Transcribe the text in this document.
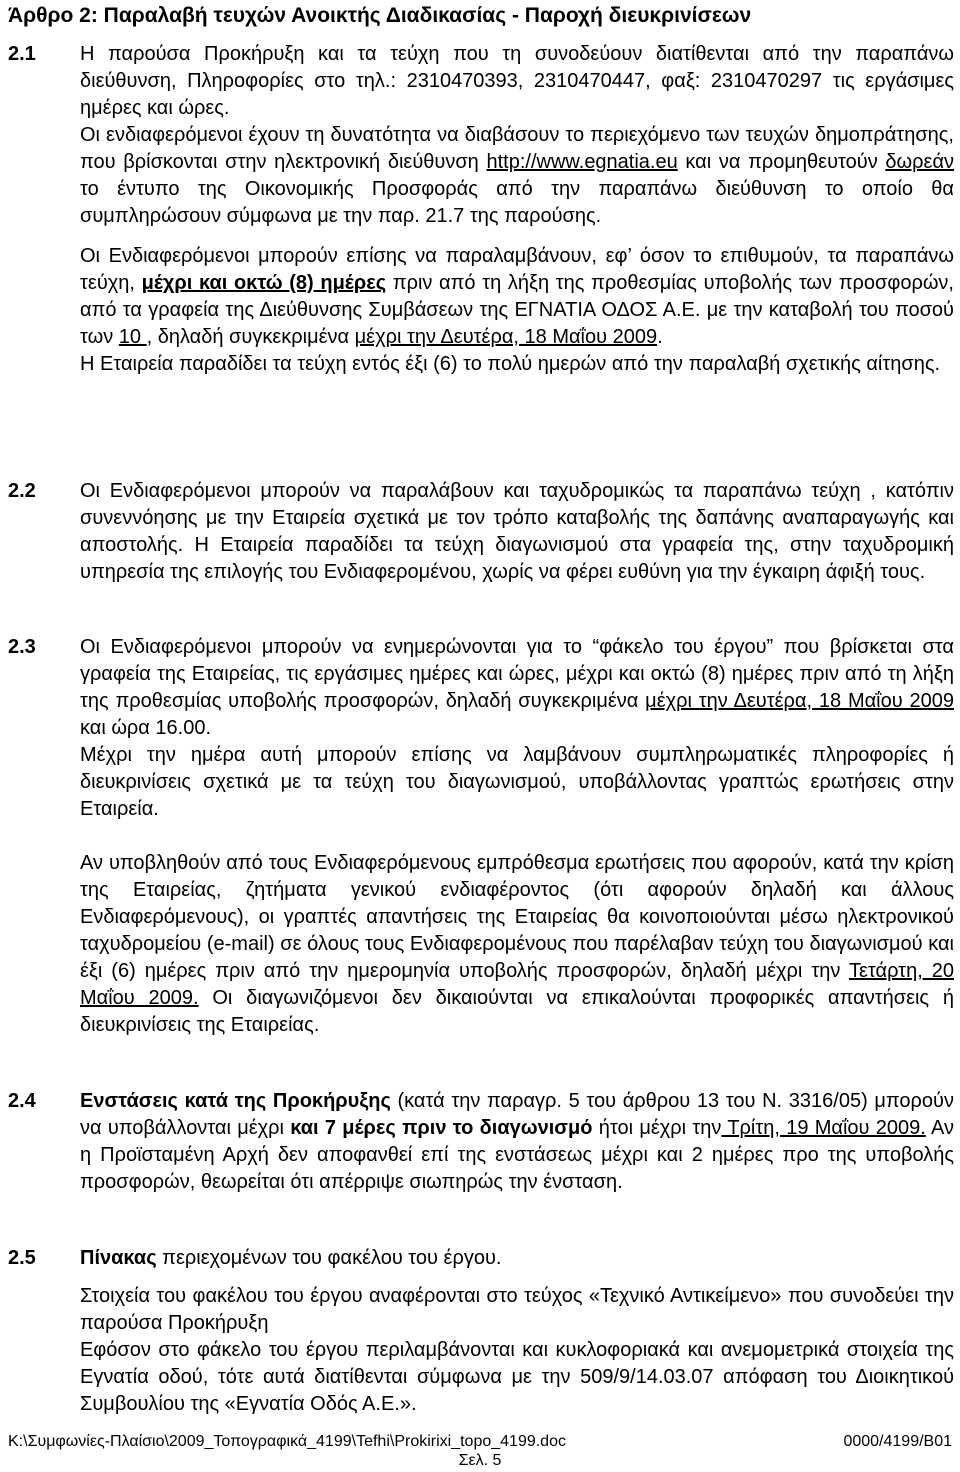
Άρθρο 2: Παραλαβή τευχών Ανοικτής Διαδικασίας - Παροχή διευκρινίσεων
2.1	Η παρούσα Προκήρυξη και τα τεύχη που τη συνοδεύουν διατίθενται από την παραπάνω διεύθυνση, Πληροφορίες στο τηλ.: 2310470393, 2310470447, φαξ: 2310470297 τις εργάσιμες ημέρες και ώρες.

Οι ενδιαφερόμενοι έχουν τη δυνατότητα να διαβάσουν το περιεχόμενο των τευχών δημοπράτησης, που βρίσκονται στην ηλεκτρονική διεύθυνση http://www.egnatia.eu και να προμηθευτούν δωρεάν το έντυπο της Οικονομικής Προσφοράς από την παραπάνω διεύθυνση το οποίο θα συμπληρώσουν σύμφωνα με την παρ. 21.7 της παρούσης.

Οι Ενδιαφερόμενοι μπορούν επίσης να παραλαμβάνουν, εφ’ όσον το επιθυμούν, τα παραπάνω τεύχη, μέχρι και οκτώ (8) ημέρες πριν από τη λήξη της προθεσμίας υποβολής των προσφορών, από τα γραφεία της Διεύθυνσης Συμβάσεων της ΕΓΝΑΤΙΑ ΟΔΟΣ Α.Ε. με την καταβολή του ποσού των 10 , δηλαδή συγκεκριμένα μέχρι την Δευτέρα, 18 Μαΐου 2009.

Η Εταιρεία παραδίδει τα τεύχη εντός έξι (6) το πολύ ημερών από την παραλαβή σχετικής αίτησης.

2.2	Οι Ενδιαφερόμενοι μπορούν να παραλάβουν και ταχυδρομικώς τα παραπάνω τεύχη , κατόπιν συνεννόησης με την Εταιρεία σχετικά με τον τρόπο καταβολής της δαπάνης αναπαραγωγής και αποστολής. Η Εταιρεία παραδίδει τα τεύχη διαγωνισμού στα γραφεία της, στην ταχυδρομική υπηρεσία της επιλογής του Ενδιαφερομένου, χωρίς να φέρει ευθύνη για την έγκαιρη άφιξή τους.

2.3	Οι Ενδιαφερόμενοι μπορούν να ενημερώνονται για το “φάκελο του έργου” που βρίσκεται στα γραφεία της Εταιρείας, τις εργάσιμες ημέρες και ώρες, μέχρι και οκτώ (8) ημέρες πριν από τη λήξη της προθεσμίας υποβολής προσφορών, δηλαδή συγκεκριμένα μέχρι την Δευτέρα, 18 Μαΐου 2009 και ώρα 16.00.

Μέχρι την ημέρα αυτή μπορούν επίσης να λαμβάνουν συμπληρωματικές πληροφορίες ή διευκρινίσεις σχετικά με τα τεύχη του διαγωνισμού, υποβάλλοντας γραπτώς ερωτήσεις στην Εταιρεία.

Αν υποβληθούν από τους Ενδιαφερόμενους εμπρόθεσμα ερωτήσεις που αφορούν, κατά την κρίση της Εταιρείας, ζητήματα γενικού ενδιαφέροντος (ότι αφορούν δηλαδή και άλλους Ενδιαφερόμενους), οι γραπτές απαντήσεις της Εταιρείας θα κοινοποιούνται μέσω ηλεκτρονικού ταχυδρομείου (e-mail) σε όλους τους Ενδιαφερομένους που παρέλαβαν τεύχη του διαγωνισμού και έξι (6) ημέρες πριν από την ημερομηνία υποβολής προσφορών, δηλαδή μέχρι την Τετάρτη, 20 Μαΐου 2009. Οι διαγωνιζόμενοι δεν δικαιούνται να επικαλούνται προφορικές απαντήσεις ή διευκρινίσεις της Εταιρείας.

2.4	Ενστάσεις κατά της Προκήρυξης (κατά την παραγρ. 5 του άρθρου 13 του Ν. 3316/05) μπορούν να υποβάλλονται μέχρι και 7 μέρες πριν το διαγωνισμό ήτοι μέχρι την Τρίτη, 19 Μαΐου 2009. Αν η Προϊσταμένη Αρχή δεν αποφανθεί επί της ενστάσεως μέχρι και 2 ημέρες προ της υποβολής προσφορών, θεωρείται ότι απέρριψε σιωπηρώς την ένσταση.

2.5	Πίνακας περιεχομένων του φακέλου του έργου.

Στοιχεία του φακέλου του έργου αναφέρονται στο τεύχος «Τεχνικό Αντικείμενο» που συνοδεύει την παρούσα Προκήρυξη

Εφόσον στο φάκελο του έργου περιλαμβάνονται και κυκλοφοριακά και ανεμομετρικά στοιχεία της Εγνατία οδού, τότε αυτά διατίθενται σύμφωνα με την 509/9/14.03.07 απόφαση του Διοικητικού Συμβουλίου της «Εγνατία Οδός Α.Ε.».

K:\Συμφωνίες-Πλαίσιο\2009_Τοπογραφικά_4199\Tefhi\Prokirixi_topo_4199.doc	0000/4199/Β01
Σελ. 5
